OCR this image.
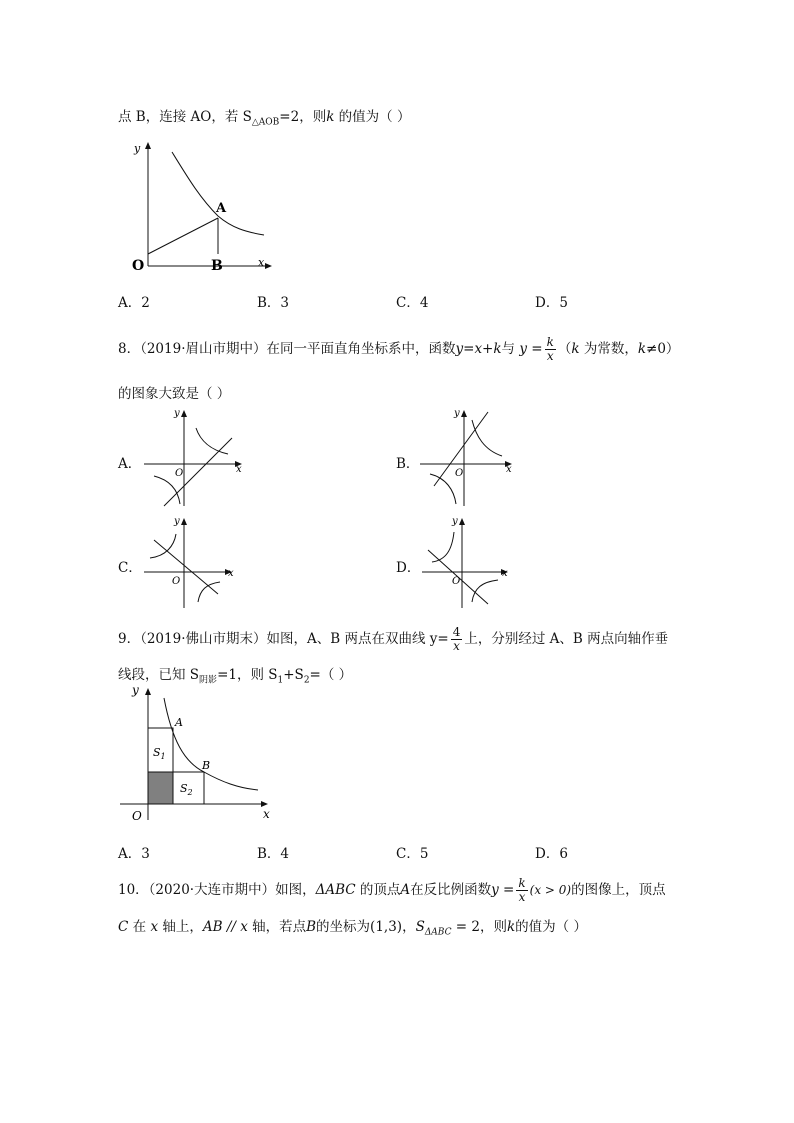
点 B，连接 AO，若 $S_{\triangle AOB}=2$，则k 的值为（ ）
y
x
O
A
B
A．2	B．3	C．4	D．5
8．（2019·眉山市期中）在同一平面直角坐标系中，函数y=x+k与 $y = \frac{k}{x} (k$ 为常数，k≠0）
的图象大致是（ ）
A．
y
x
O
B．
y
x
O
C．
y
x
O
D．
y
x
O
9．（2019·佛山市期末）如图，A、B 两点在双曲线 $y= \frac{4}{x}$ 上，分别经过 A、B 两点向轴作垂
线段，已知 $S_{阴影}=1$，则 $S_1+S_2=$（ ）
y
x
O
A
B
$S_1$
$S_2$
A．3	B．4	C．5	D．6
10．（2020·大连市期中）如图，ΔABC 的顶点A在反比例函数$y = \frac{k}{x} (x > 0)$的图像上，顶点
C 在 x 轴上，AB // x 轴，若点B的坐标为(1,3)，$S_{\Delta ABC} = 2$，则k的值为（ ）
